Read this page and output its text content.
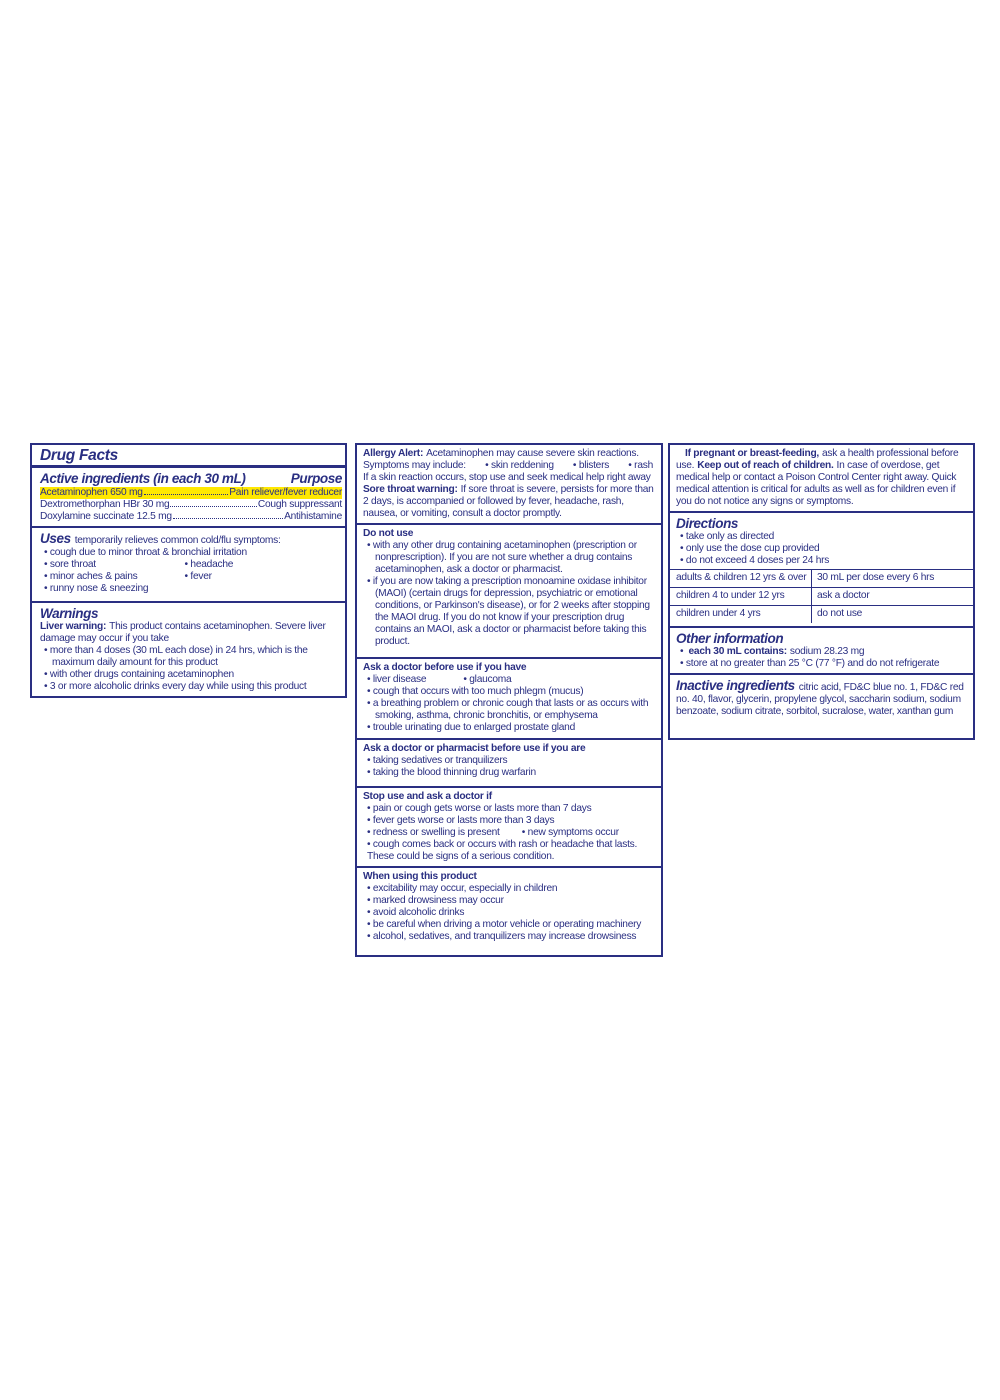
Drug Facts
Active ingredients (in each 30 mL)	Purpose
Acetaminophen 650 mg	Pain reliever/fever reducer
Dextromethorphan HBr 30 mg	Cough suppressant
Doxylamine succinate 12.5 mg	Antihistamine
Uses temporarily relieves common cold/flu symptoms:
• cough due to minor throat & bronchial irritation
• sore throat	• headache
• minor aches & pains	• fever
• runny nose & sneezing
Warnings
Liver warning: This product contains acetaminophen. Severe liver damage may occur if you take
• more than 4 doses (30 mL each dose) in 24 hrs, which is the maximum daily amount for this product
• with other drugs containing acetaminophen
• 3 or more alcoholic drinks every day while using this product
Allergy Alert: Acetaminophen may cause severe skin reactions.
Symptoms may include:	• skin reddening	• blisters	• rash
If a skin reaction occurs, stop use and seek medical help right away
Sore throat warning: If sore throat is severe, persists for more than 2 days, is accompanied or followed by fever, headache, rash, nausea, or vomiting, consult a doctor promptly.
Do not use
• with any other drug containing acetaminophen (prescription or nonprescription). If you are not sure whether a drug contains acetaminophen, ask a doctor or pharmacist.
• if you are now taking a prescription monoamine oxidase inhibitor (MAOI) (certain drugs for depression, psychiatric or emotional conditions, or Parkinson's disease), or for 2 weeks after stopping the MAOI drug. If you do not know if your prescription drug contains an MAOI, ask a doctor or pharmacist before taking this product.
Ask a doctor before use if you have
• liver disease	• glaucoma
• cough that occurs with too much phlegm (mucus)
• a breathing problem or chronic cough that lasts or as occurs with smoking, asthma, chronic bronchitis, or emphysema
• trouble urinating due to enlarged prostate gland
Ask a doctor or pharmacist before use if you are
• taking sedatives or tranquilizers
• taking the blood thinning drug warfarin
Stop use and ask a doctor if
• pain or cough gets worse or lasts more than 7 days
• fever gets worse or lasts more than 3 days
• redness or swelling is present	• new symptoms occur
• cough comes back or occurs with rash or headache that lasts.
These could be signs of a serious condition.
When using this product
• excitability may occur, especially in children
• marked drowsiness may occur
• avoid alcoholic drinks
• be careful when driving a motor vehicle or operating machinery
• alcohol, sedatives, and tranquilizers may increase drowsiness
If pregnant or breast-feeding, ask a health professional before use. Keep out of reach of children. In case of overdose, get medical help or contact a Poison Control Center right away. Quick medical attention is critical for adults as well as for children even if you do not notice any signs or symptoms.
Directions
• take only as directed
• only use the dose cup provided
• do not exceed 4 doses per 24 hrs
adults & children 12 yrs & over	30 mL per dose every 6 hrs
children 4 to under 12 yrs	ask a doctor
children under 4 yrs	do not use
Other information
• each 30 mL contains: sodium 28.23 mg
• store at no greater than 25 °C (77 °F) and do not refrigerate
Inactive ingredients citric acid, FD&C blue no. 1, FD&C red no. 40, flavor, glycerin, propylene glycol, saccharin sodium, sodium benzoate, sodium citrate, sorbitol, sucralose, water, xanthan gum
